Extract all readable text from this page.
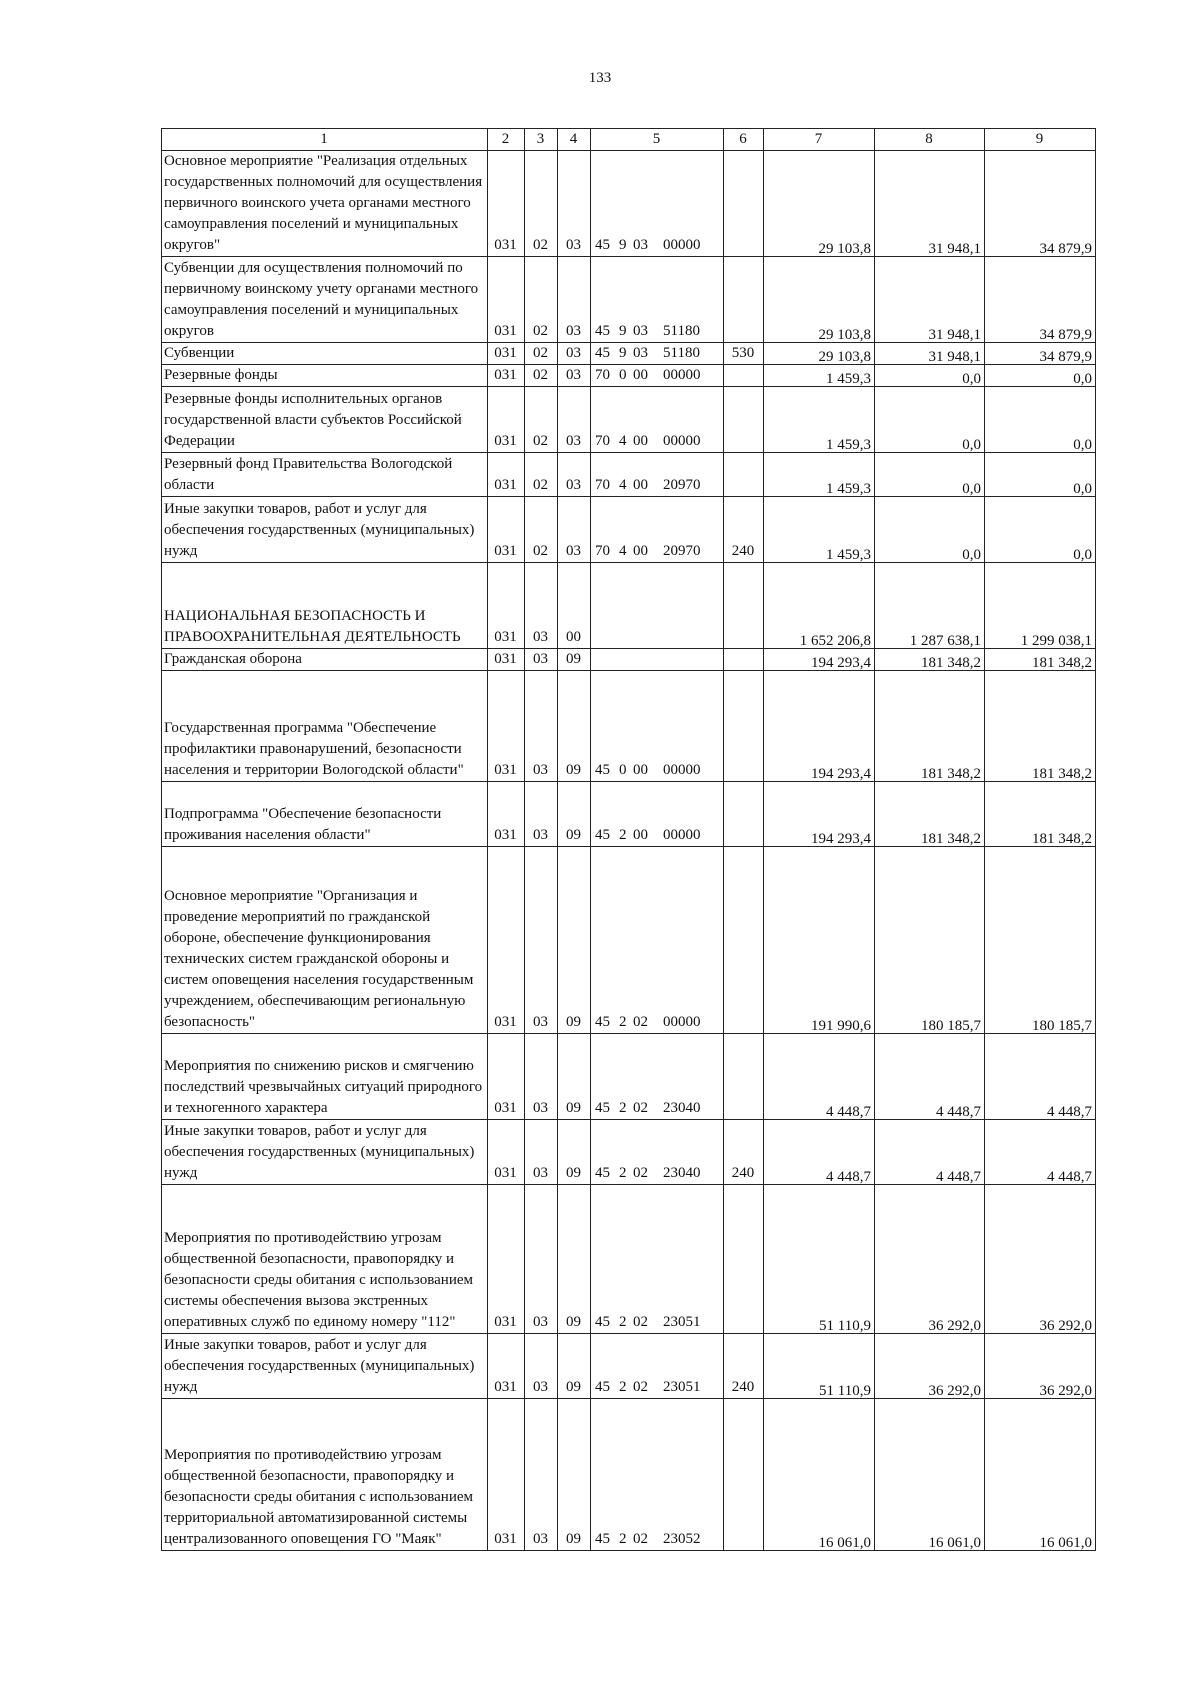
133
1	2	3	4	5	6	7	8	9
Основное мероприятие "Реализация отдельных государственных полномочий для осуществления первичного воинского учета органами местного самоуправления поселений и муниципальных округов"	031	02	03	45 9 03 00000		29 103,8	31 948,1	34 879,9
Субвенции для осуществления полномочий по первичному воинскому учету органами местного самоуправления поселений и муниципальных округов	031	02	03	45 9 03 51180		29 103,8	31 948,1	34 879,9
Субвенции	031	02	03	45 9 03 51180	530	29 103,8	31 948,1	34 879,9
Резервные фонды	031	02	03	70 0 00 00000		1 459,3	0,0	0,0
Резервные фонды исполнительных органов государственной власти субъектов Российской Федерации	031	02	03	70 4 00 00000		1 459,3	0,0	0,0
Резервный фонд Правительства Вологодской области	031	02	03	70 4 00 20970		1 459,3	0,0	0,0
Иные закупки товаров, работ и услуг для обеспечения государственных (муниципальных) нужд	031	02	03	70 4 00 20970	240	1 459,3	0,0	0,0
НАЦИОНАЛЬНАЯ БЕЗОПАСНОСТЬ И ПРАВООХРАНИТЕЛЬНАЯ ДЕЯТЕЛЬНОСТЬ	031	03	00			1 652 206,8	1 287 638,1	1 299 038,1
Гражданская оборона	031	03	09			194 293,4	181 348,2	181 348,2
Государственная программа "Обеспечение профилактики правонарушений, безопасности населения и территории Вологодской области"	031	03	09	45 0 00 00000		194 293,4	181 348,2	181 348,2
Подпрограмма "Обеспечение безопасности проживания населения области"	031	03	09	45 2 00 00000		194 293,4	181 348,2	181 348,2
Основное мероприятие "Организация и проведение мероприятий по гражданской обороне, обеспечение функционирования технических систем гражданской обороны и систем оповещения населения государственным учреждением, обеспечивающим региональную безопасность"	031	03	09	45 2 02 00000		191 990,6	180 185,7	180 185,7
Мероприятия по снижению рисков и смягчению последствий чрезвычайных ситуаций природного и техногенного характера	031	03	09	45 2 02 23040		4 448,7	4 448,7	4 448,7
Иные закупки товаров, работ и услуг для обеспечения государственных (муниципальных) нужд	031	03	09	45 2 02 23040	240	4 448,7	4 448,7	4 448,7
Мероприятия по противодействию угрозам общественной безопасности, правопорядку и безопасности среды обитания с использованием системы обеспечения вызова экстренных оперативных служб по единому номеру "112"	031	03	09	45 2 02 23051		51 110,9	36 292,0	36 292,0
Иные закупки товаров, работ и услуг для обеспечения государственных (муниципальных) нужд	031	03	09	45 2 02 23051	240	51 110,9	36 292,0	36 292,0
Мероприятия по противодействию угрозам общественной безопасности, правопорядку и безопасности среды обитания с использованием территориальной автоматизированной системы централизованного оповещения ГО "Маяк"	031	03	09	45 2 02 23052		16 061,0	16 061,0	16 061,0
